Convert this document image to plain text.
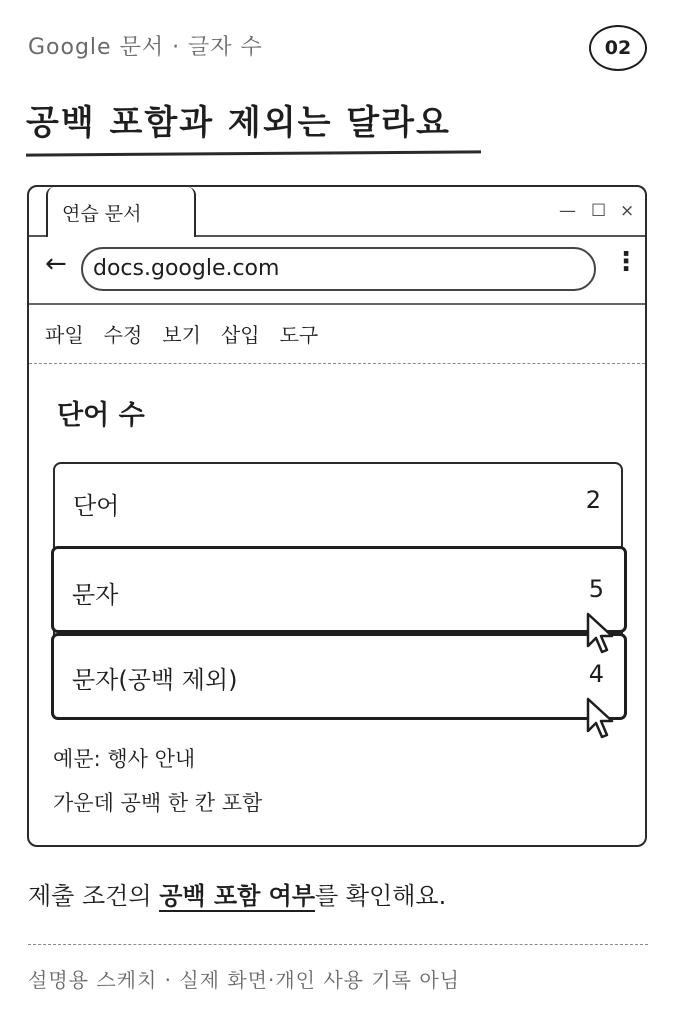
Google 문서 · 글자 수	02
공백 포함과 제외는 달라요
연습 문서	— ☐ ×
←	docs.google.com	⋮
파일 수정 보기 삽입 도구
단어 수
단어	2
문자	5
문자(공백 제외)	4
예문: 행사 안내
가운데 공백 한 칸 포함
제출 조건의 공백 포함 여부를 확인해요.
설명용 스케치 · 실제 화면·개인 사용 기록 아님
